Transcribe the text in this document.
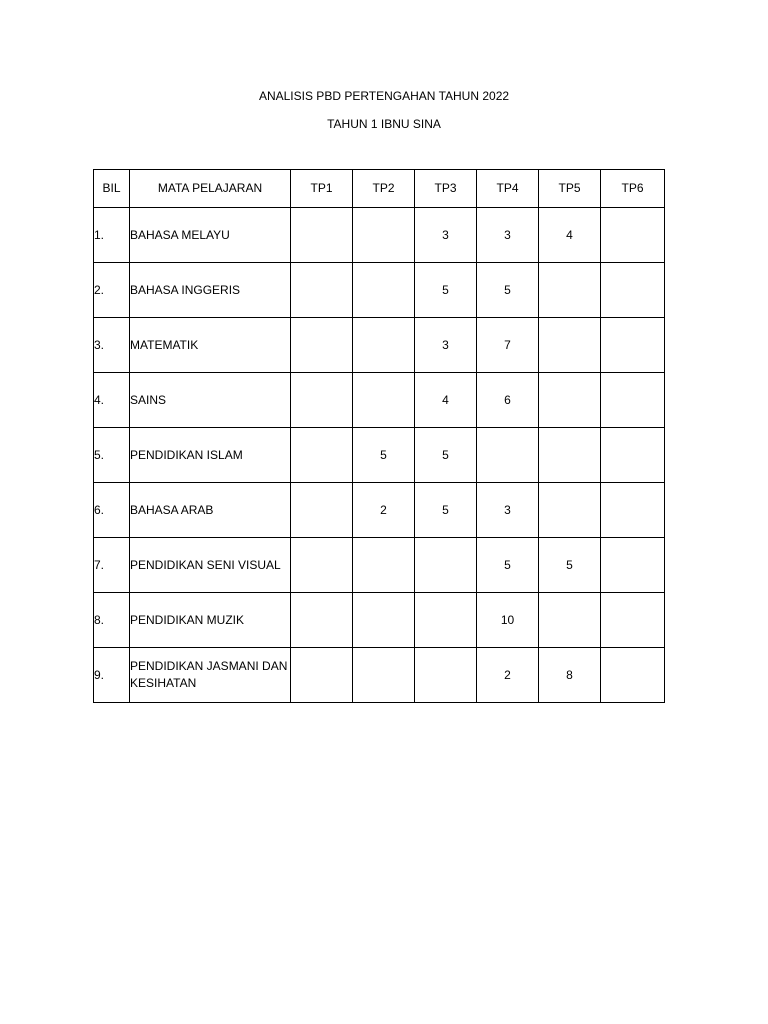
ANALISIS PBD PERTENGAHAN TAHUN 2022
TAHUN 1 IBNU SINA
BIL	MATA PELAJARAN	TP1	TP2	TP3	TP4	TP5	TP6
1.	BAHASA MELAYU			3	3	4	
2.	BAHASA INGGERIS			5	5		
3.	MATEMATIK			3	7		
4.	SAINS			4	6		
5.	PENDIDIKAN ISLAM		5	5			
6.	BAHASA ARAB		2	5	3		
7.	PENDIDIKAN SENI VISUAL				5	5	
8.	PENDIDIKAN MUZIK				10		
9.	PENDIDIKAN JASMANI DAN KESIHATAN				2	8	
